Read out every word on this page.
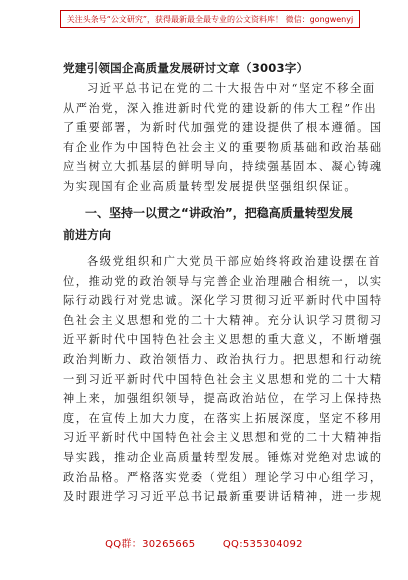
关注头条号“公文研究”，获得最新最全最专业的公文资料库！ 微信：gongwenyj
党建引领国企高质量发展研讨文章（3003字）
习近平总书记在党的二十大报告中对“坚定不移全面
从严治党，深入推进新时代党的建设新的伟大工程”作出
了重要部署，为新时代加强党的建设提供了根本遵循。国
有企业作为中国特色社会主义的重要物质基础和政治基础
应当树立大抓基层的鲜明导向，持续强基固本、凝心铸魂
为实现国有企业高质量转型发展提供坚强组织保证。
一、坚持一以贯之“讲政治”，把稳高质量转型发展
前进方向
各级党组织和广大党员干部应始终将政治建设摆在首
位，推动党的政治领导与完善企业治理融合相统一，以实
际行动践行对党忠诚。深化学习贯彻习近平新时代中国特
色社会主义思想和党的二十大精神。充分认识学习贯彻习
近平新时代中国特色社会主义思想的重大意义，不断增强
政治判断力、政治领悟力、政治执行力。把思想和行动统
一到习近平新时代中国特色社会主义思想和党的二十大精
神上来，加强组织领导，提高政治站位，在学习上保持热
度，在宣传上加大力度，在落实上拓展深度，坚定不移用
习近平新时代中国特色社会主义思想和党的二十大精神指
导实践，推动企业高质量转型发展。锤炼对党绝对忠诚的
政治品格。严格落实党委（党组）理论学习中心组学习，
及时跟进学习习近平总书记最新重要讲话精神，进一步规
QQ群：30265665	QQ:535304092
